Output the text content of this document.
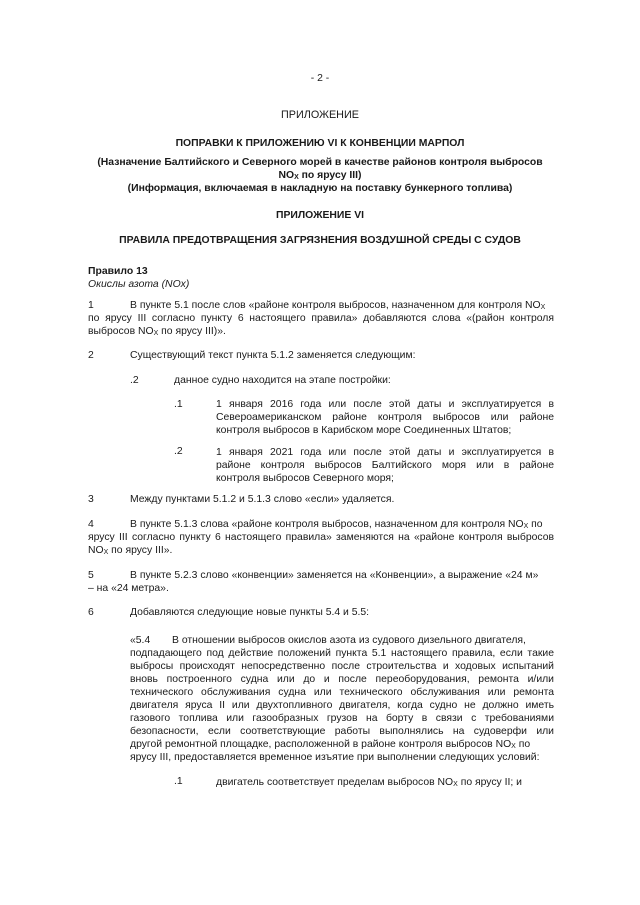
- 2 -
ПРИЛОЖЕНИЕ
ПОПРАВКИ К ПРИЛОЖЕНИЮ VI К КОНВЕНЦИИ МАРПОЛ
(Назначение Балтийского и Северного морей в качестве районов контроля выбросов
$NO_X$ по ярусу III)
(Информация, включаемая в накладную на поставку бункерного топлива)
ПРИЛОЖЕНИЕ VI
ПРАВИЛА ПРЕДОТВРАЩЕНИЯ ЗАГРЯЗНЕНИЯ ВОЗДУШНОЙ СРЕДЫ С СУДОВ
Правило 13
Окислы азота (NOx)
1	В пункте 5.1 после слов «районе контроля выбросов, назначенном для контроля $NO_X$
по ярусу III согласно пункту 6 настоящего правила» добавляются слова «(район контроля
выбросов $NO_X$ по ярусу III)».
2	Существующий текст пункта 5.1.2 заменяется следующим:
.2	данное судно находится на этапе постройки:
.1	1 января 2016 года или после этой даты и эксплуатируется в
Североамериканском районе контроля выбросов или районе
контроля выбросов в Карибском море Соединенных Штатов;
.2	1 января 2021 года или после этой даты и эксплуатируется в
районе контроля выбросов Балтийского моря или в районе
контроля выбросов Северного моря;
3	Между пунктами 5.1.2 и 5.1.3 слово «если» удаляется.
4	В пункте 5.1.3 слова «районе контроля выбросов, назначенном для контроля $NO_X$ по
ярусу III согласно пункту 6 настоящего правила» заменяются на «районе контроля выбросов
$NO_X$ по ярусу III».
5	В пункте 5.2.3 слово «конвенции» заменяется на «Конвенции», а выражение «24 м»
– на «24 метра».
6	Добавляются следующие новые пункты 5.4 и 5.5:
«5.4 В отношении выбросов окислов азота из судового дизельного двигателя,
подпадающего под действие положений пункта 5.1 настоящего правила, если такие
выбросы происходят непосредственно после строительства и ходовых испытаний
вновь построенного судна или до и после переоборудования, ремонта и/или
технического обслуживания судна или технического обслуживания или ремонта
двигателя яруса II или двухтопливного двигателя, когда судно не должно иметь
газового топлива или газообразных грузов на борту в связи с требованиями
безопасности, если соответствующие работы выполнялись на судоверфи или
другой ремонтной площадке, расположенной в районе контроля выбросов $NO_X$ по
ярусу III, предоставляется временное изъятие при выполнении следующих условий:
.1	двигатель соответствует пределам выбросов $NO_X$ по ярусу II; и
